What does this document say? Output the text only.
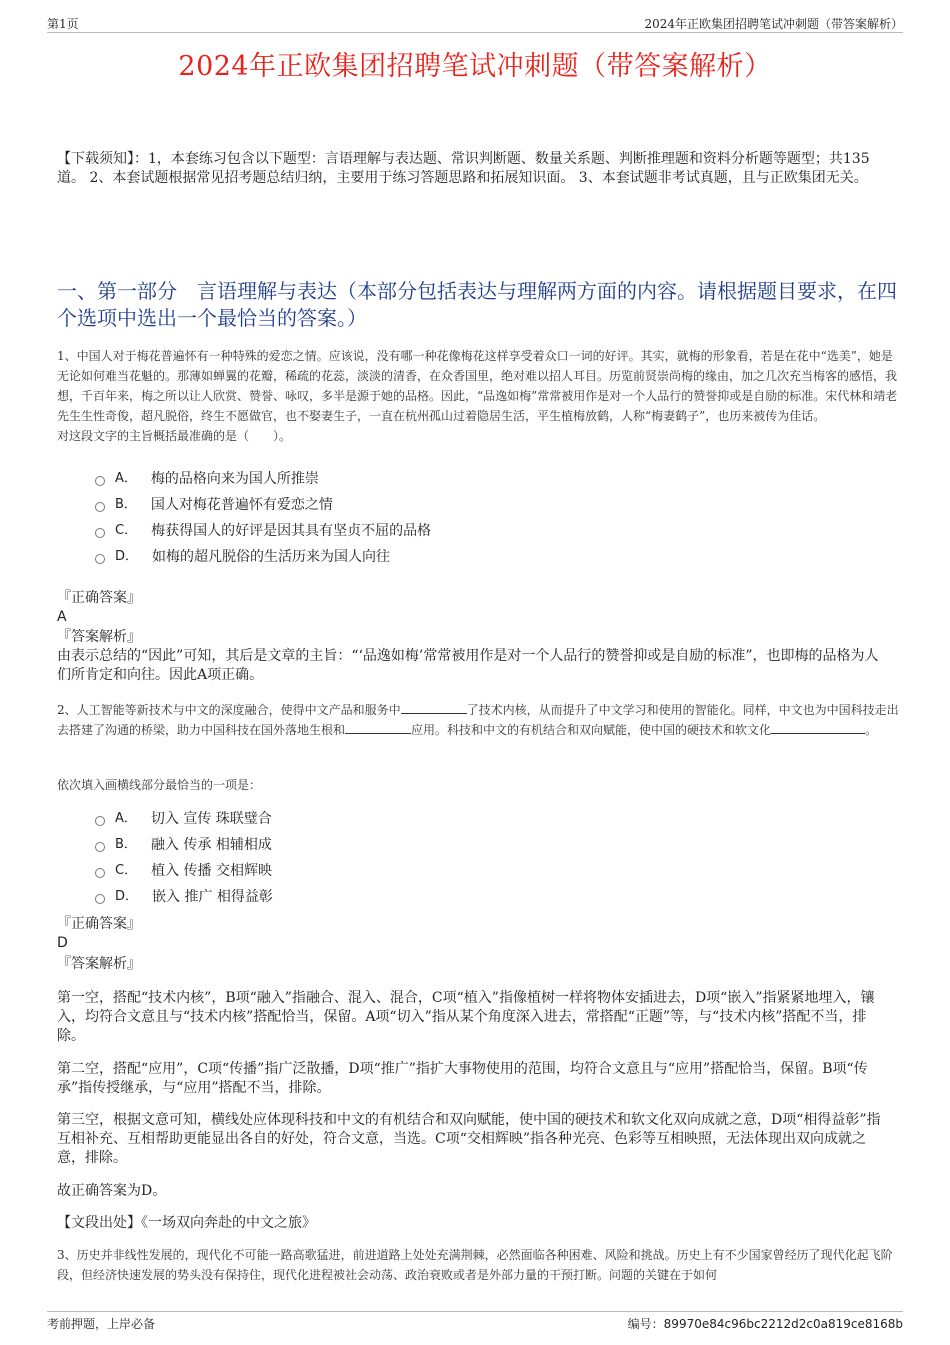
第1页	2024年正欧集团招聘笔试冲刺题（带答案解析）
2024年正欧集团招聘笔试冲刺题（带答案解析）
【下载须知】：1，本套练习包含以下题型：言语理解与表达题、常识判断题、数量关系题、判断推理题和资料分析题等题型；共135道。 2、本套试题根据常见招考题总结归纳，主要用于练习答题思路和拓展知识面。 3、本套试题非考试真题，且与正欧集团无关。
一、第一部分　言语理解与表达（本部分包括表达与理解两方面的内容。请根据题目要求，在四个选项中选出一个最恰当的答案。）
1、中国人对于梅花普遍怀有一种特殊的爱恋之情。应该说，没有哪一种花像梅花这样享受着众口一词的好评。其实，就梅的形象看，若是在花中“选美”，她是无论如何难当花魁的。那薄如蝉翼的花瓣，稀疏的花蕊，淡淡的清香，在众香国里，绝对难以招人耳目。历览前贤崇尚梅的缘由，加之几次充当梅客的感悟，我想，千百年来，梅之所以让人欣赏、赞誉、咏叹，多半是源于她的品格。因此，“品逸如梅”常常被用作是对一个人品行的赞誉抑或是自励的标准。宋代林和靖老先生生性奇俊，超凡脱俗，终生不愿做官，也不娶妻生子，一直在杭州孤山过着隐居生活，平生植梅放鹤，人称“梅妻鹤子”，也历来被传为佳话。
对这段文字的主旨概括最准确的是（　　）。
A． 梅的品格向来为国人所推崇
B． 国人对梅花普遍怀有爱恋之情
C． 梅获得国人的好评是因其具有坚贞不屈的品格
D． 如梅的超凡脱俗的生活历来为国人向往
『正确答案』
A
『答案解析』
由表示总结的“因此”可知，其后是文章的主旨：“‘品逸如梅’常常被用作是对一个人品行的赞誉抑或是自励的标准”，也即梅的品格为人们所肯定和向往。因此A项正确。
2、人工智能等新技术与中文的深度融合，使得中文产品和服务中	了技术内核，从而提升了中文学习和使用的智能化。同样，中文也为中国科技走出去搭建了沟通的桥梁，助力中国科技在国外落地生根和	应用。科技和中文的有机结合和双向赋能，使中国的硬技术和软文化	。
依次填入画横线部分最恰当的一项是：
A． 切入 宣传 珠联璧合
B． 融入 传承 相辅相成
C． 植入 传播 交相辉映
D． 嵌入 推广 相得益彰
『正确答案』
D
『答案解析』
第一空，搭配“技术内核”，B项“融入”指融合、混入、混合，C项“植入”指像植树一样将物体安插进去，D项“嵌入”指紧紧地埋入，镶入，均符合文意且与“技术内核”搭配恰当，保留。A项“切入”指从某个角度深入进去，常搭配“正题”等，与“技术内核”搭配不当，排除。
第二空，搭配“应用”，C项“传播”指广泛散播，D项“推广”指扩大事物使用的范围，均符合文意且与“应用”搭配恰当，保留。B项“传承”指传授继承，与“应用”搭配不当，排除。
第三空，根据文意可知，横线处应体现科技和中文的有机结合和双向赋能，使中国的硬技术和软文化双向成就之意，D项“相得益彰”指互相补充、互相帮助更能显出各自的好处，符合文意，当选。C项“交相辉映”指各种光亮、色彩等互相映照，无法体现出双向成就之意，排除。
故正确答案为D。
【文段出处】《一场双向奔赴的中文之旅》
3、历史并非线性发展的，现代化不可能一路高歌猛进，前进道路上处处充满荆棘，必然面临各种困难、风险和挑战。历史上有不少国家曾经历了现代化起飞阶段，但经济快速发展的势头没有保持住，现代化进程被社会动荡、政治衰败或者是外部力量的干预打断。问题的关键在于如何
考前押题，上岸必备	编号：89970e84c96bc2212d2c0a819ce8168b
